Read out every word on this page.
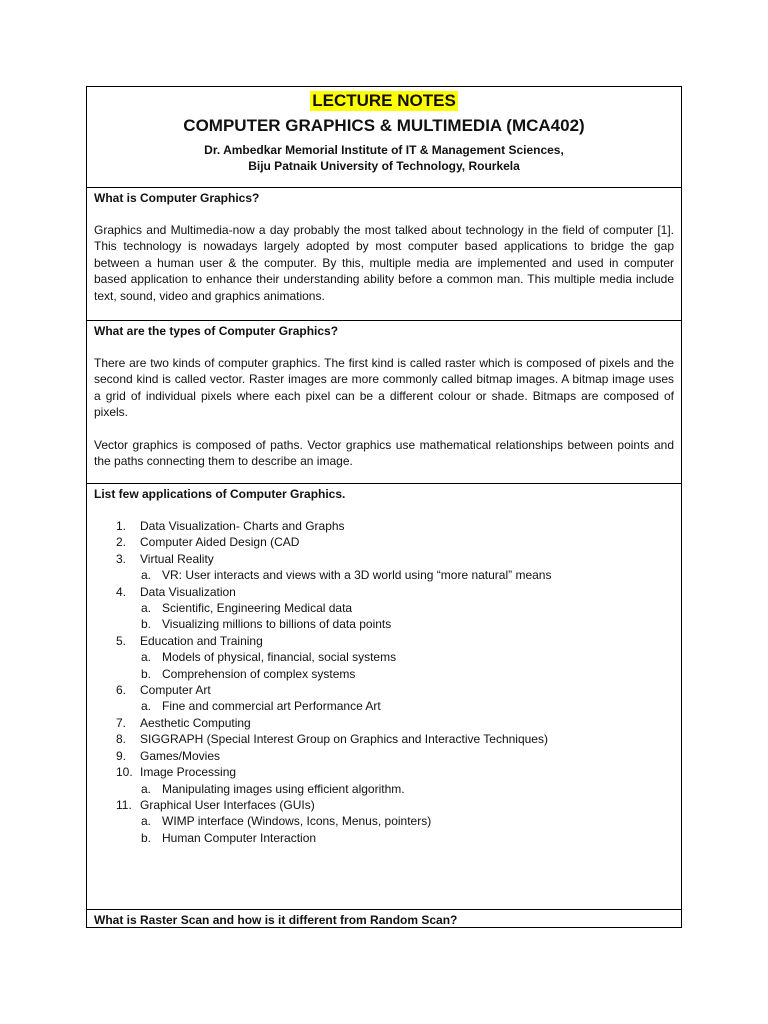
LECTURE NOTES
COMPUTER GRAPHICS & MULTIMEDIA (MCA402)
Dr. Ambedkar Memorial Institute of IT & Management Sciences,
Biju Patnaik University of Technology, Rourkela
What is Computer Graphics?
Graphics and Multimedia-now a day probably the most talked about technology in the field of computer [1]. This technology is nowadays largely adopted by most computer based applications to bridge the gap between a human user & the computer. By this, multiple media are implemented and used in computer based application to enhance their understanding ability before a common man. This multiple media include text, sound, video and graphics animations.
What are the types of Computer Graphics?
There are two kinds of computer graphics. The first kind is called raster which is composed of pixels and the second kind is called vector. Raster images are more commonly called bitmap images. A bitmap image uses a grid of individual pixels where each pixel can be a different colour or shade. Bitmaps are composed of pixels.
Vector graphics is composed of paths. Vector graphics use mathematical relationships between points and the paths connecting them to describe an image.
List few applications of Computer Graphics.
1.	Data Visualization- Charts and Graphs
2.	Computer Aided Design (CAD
3.	Virtual Reality
a. VR: User interacts and views with a 3D world using “more natural” means
4.	Data Visualization
a. Scientific, Engineering Medical data
b. Visualizing millions to billions of data points
5.	Education and Training
a. Models of physical, financial, social systems
b. Comprehension of complex systems
6.	Computer Art
a. Fine and commercial art Performance Art
7.	Aesthetic Computing
8.	SIGGRAPH (Special Interest Group on Graphics and Interactive Techniques)
9.	Games/Movies
10. Image Processing
a. Manipulating images using efficient algorithm.
11. Graphical User Interfaces (GUIs)
a. WIMP interface (Windows, Icons, Menus, pointers)
b. Human Computer Interaction
What is Raster Scan and how is it different from Random Scan?
